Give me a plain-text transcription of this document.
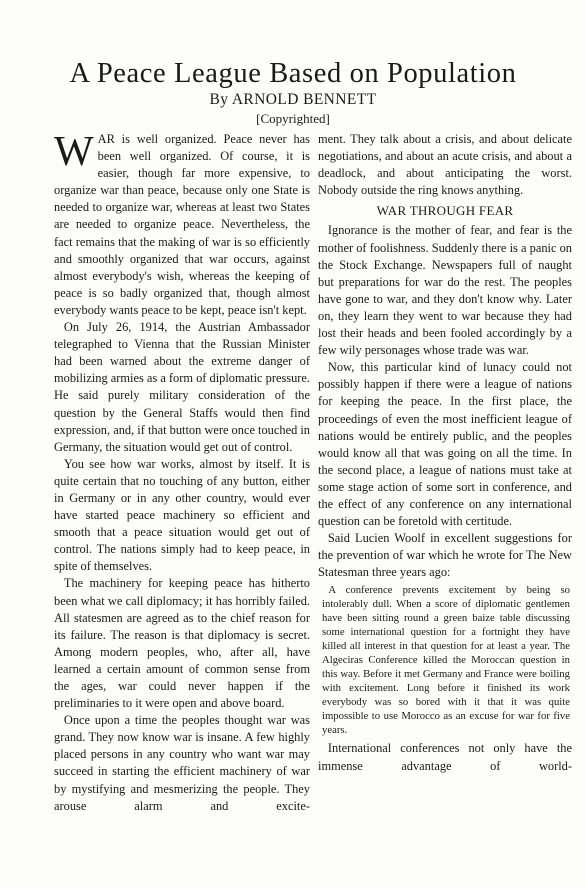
A Peace League Based on Population
By ARNOLD BENNETT
[Copyrighted]

WAR is well organized. Peace never has been well organized. Of course, it is easier, though far more expensive, to organize war than peace, because only one State is needed to organize war, whereas at least two States are needed to organize peace. Nevertheless, the fact remains that the making of war is so efficiently and smoothly organized that war occurs, against almost everybody's wish, whereas the keeping of peace is so badly organized that, though almost everybody wants peace to be kept, peace isn't kept.

On July 26, 1914, the Austrian Ambassador telegraphed to Vienna that the Russian Minister had been warned about the extreme danger of mobilizing armies as a form of diplomatic pressure. He said purely military consideration of the question by the General Staffs would then find expression, and, if that button were once touched in Germany, the situation would get out of control.

You see how war works, almost by itself. It is quite certain that no touching of any button, either in Germany or in any other country, would ever have started peace machinery so efficient and smooth that a peace situation would get out of control. The nations simply had to keep peace, in spite of themselves.

The machinery for keeping peace has hitherto been what we call diplomacy; it has horribly failed. All statesmen are agreed as to the chief reason for its failure. The reason is that diplomacy is secret. Among modern peoples, who, after all, have learned a certain amount of common sense from the ages, war could never happen if the preliminaries to it were open and above board.

Once upon a time the peoples thought war was grand. They now know war is insane. A few highly placed persons in any country who want war may succeed in starting the efficient machinery of war by mystifying and mesmerizing the people. They arouse alarm and excite-

ment. They talk about a crisis, and about delicate negotiations, and about an acute crisis, and about a deadlock, and about anticipating the worst. Nobody outside the ring knows anything.

WAR THROUGH FEAR

Ignorance is the mother of fear, and fear is the mother of foolishness. Suddenly there is a panic on the Stock Exchange. Newspapers full of naught but preparations for war do the rest. The peoples have gone to war, and they don't know why. Later on, they learn they went to war because they had lost their heads and been fooled accordingly by a few wily personages whose trade was war.

Now, this particular kind of lunacy could not possibly happen if there were a league of nations for keeping the peace. In the first place, the proceedings of even the most inefficient league of nations would be entirely public, and the peoples would know all that was going on all the time. In the second place, a league of nations must take at some stage action of some sort in conference, and the effect of any conference on any international question can be foretold with certitude.

Said Lucien Woolf in excellent suggestions for the prevention of war which he wrote for The New Statesman three years ago:

A conference prevents excitement by being so intolerably dull. When a score of diplomatic gentlemen have been sitting round a green baize table discussing some international question for a fortnight they have killed all interest in that question for at least a year. The Algeciras Conference killed the Moroccan question in this way. Before it met Germany and France were boiling with excitement. Long before it finished its work everybody was so bored with it that it was quite impossible to use Morocco as an excuse for war for five years.

International conferences not only have the immense advantage of world-
